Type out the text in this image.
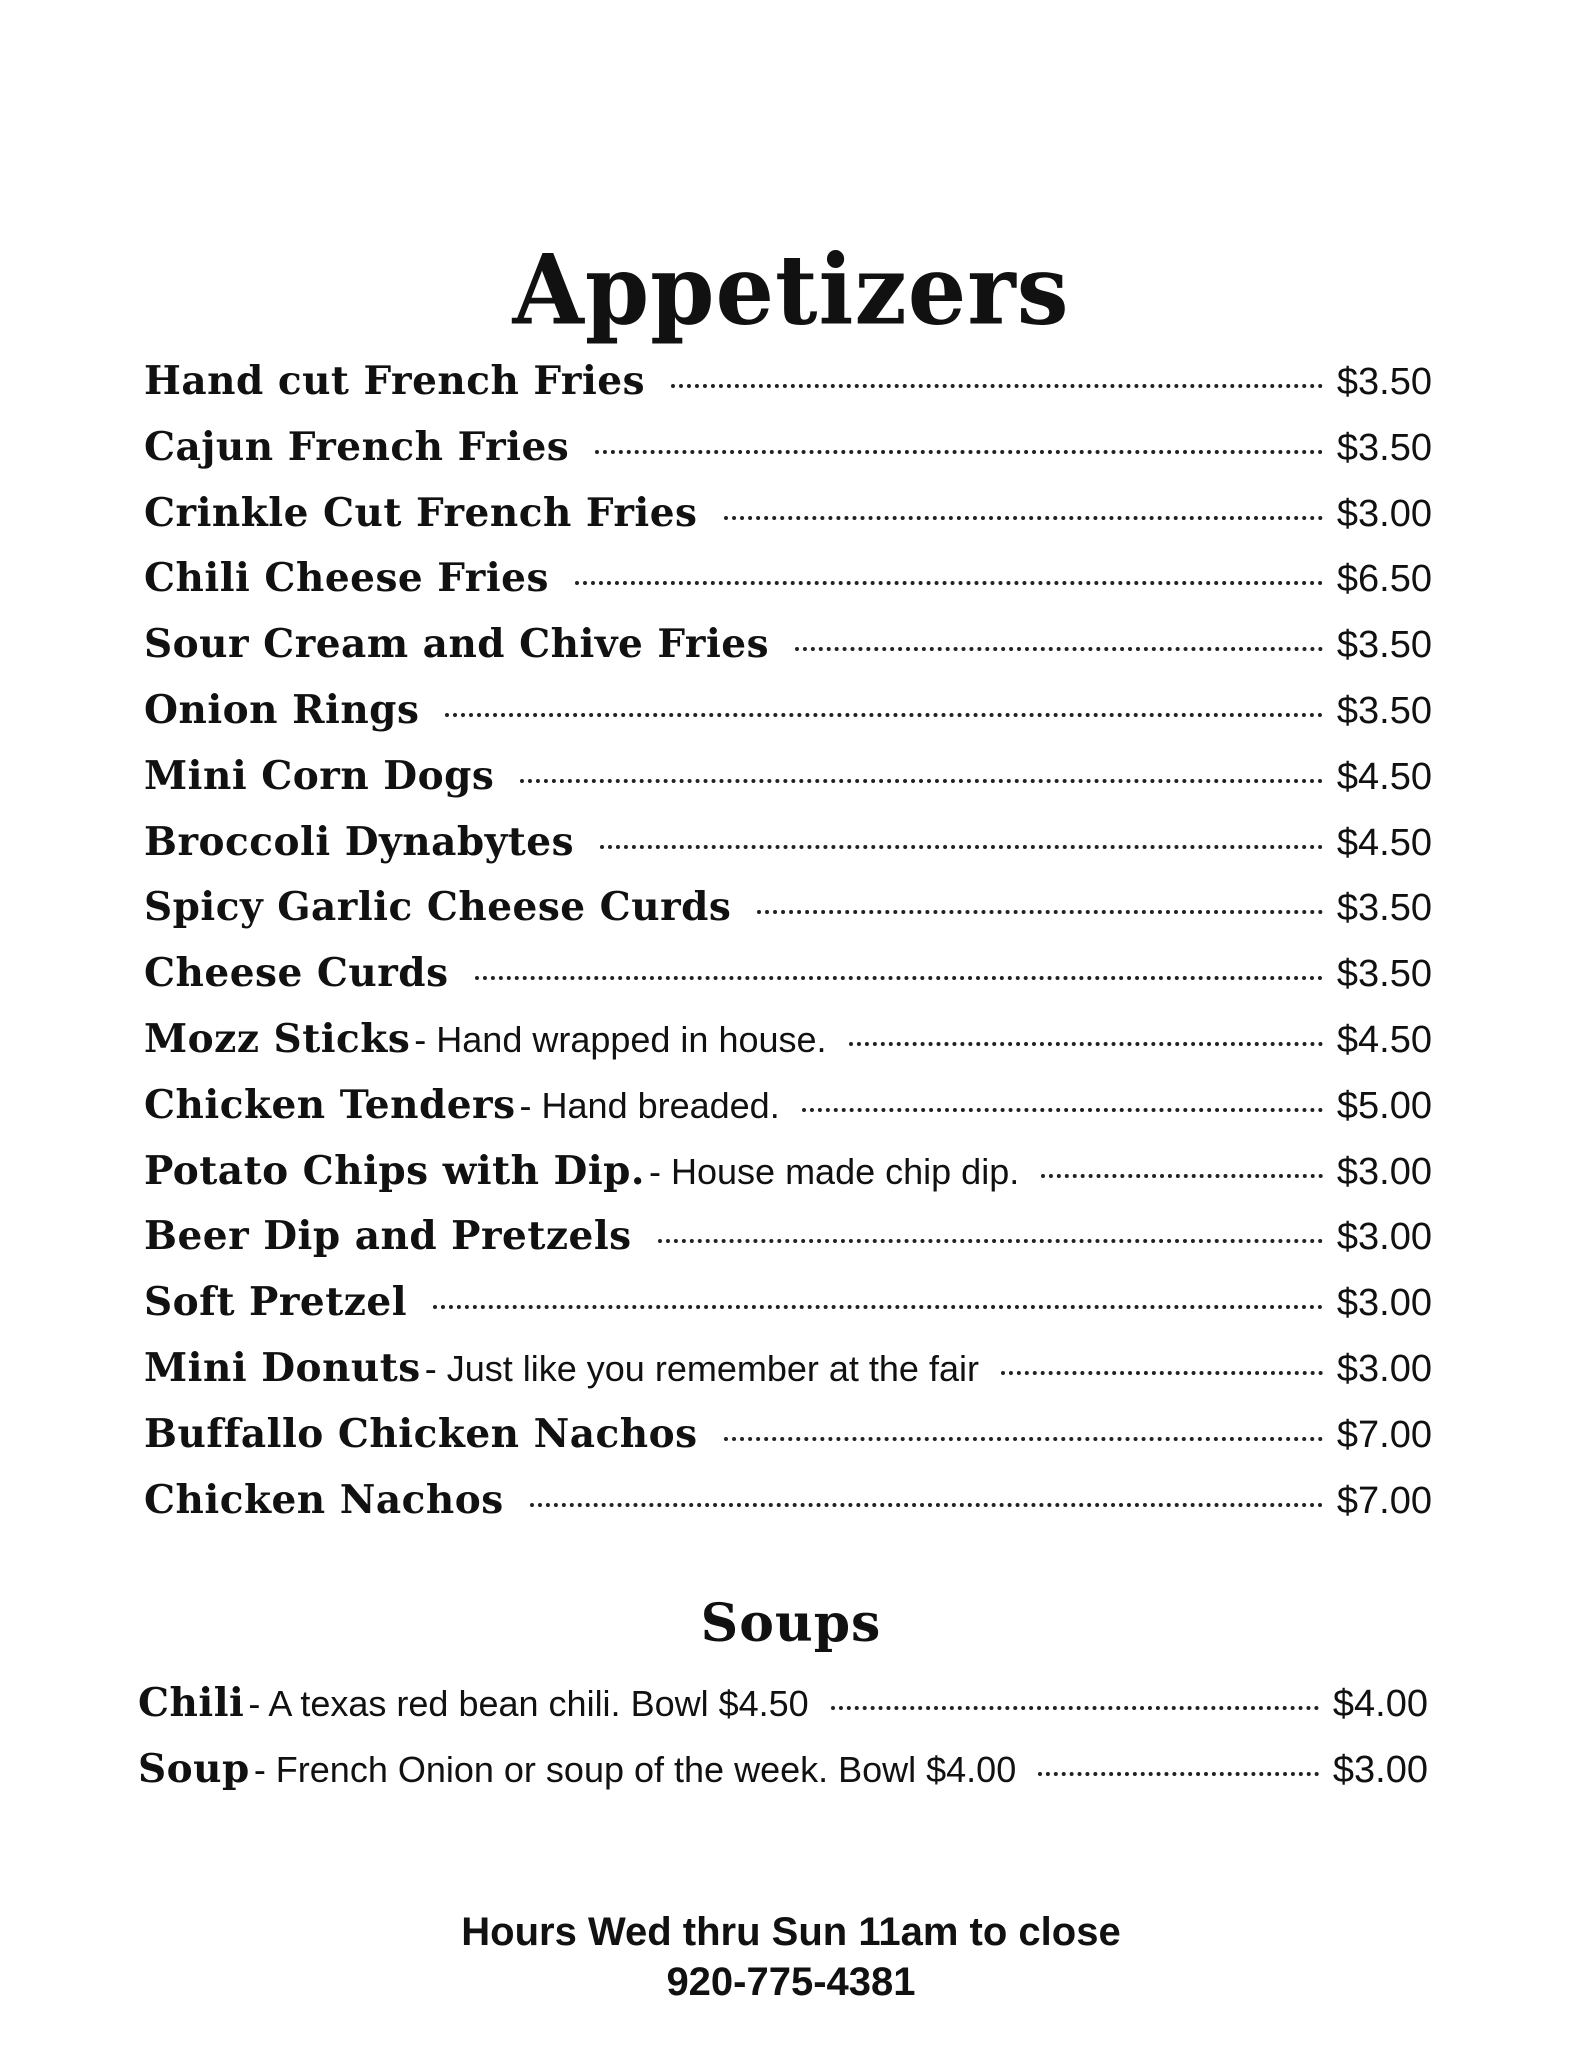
Appetizers
Hand cut French Fries	$3.50
Cajun French Fries	$3.50
Crinkle Cut French Fries	$3.00
Chili Cheese Fries	$6.50
Sour Cream and Chive Fries	$3.50
Onion Rings	$3.50
Mini Corn Dogs	$4.50
Broccoli Dynabytes	$4.50
Spicy Garlic Cheese Curds	$3.50
Cheese Curds	$3.50
Mozz Sticks - Hand wrapped in house.	$4.50
Chicken Tenders - Hand breaded.	$5.00
Potato Chips with Dip. - House made chip dip.	$3.00
Beer Dip and Pretzels	$3.00
Soft Pretzel	$3.00
Mini Donuts - Just like you remember at the fair	$3.00
Buffallo Chicken Nachos	$7.00
Chicken Nachos	$7.00
Soups
Chili - A texas red bean chili. Bowl $4.50	$4.00
Soup - French Onion or soup of the week. Bowl $4.00	$3.00

Hours Wed thru Sun 11am to close

920-775-4381
